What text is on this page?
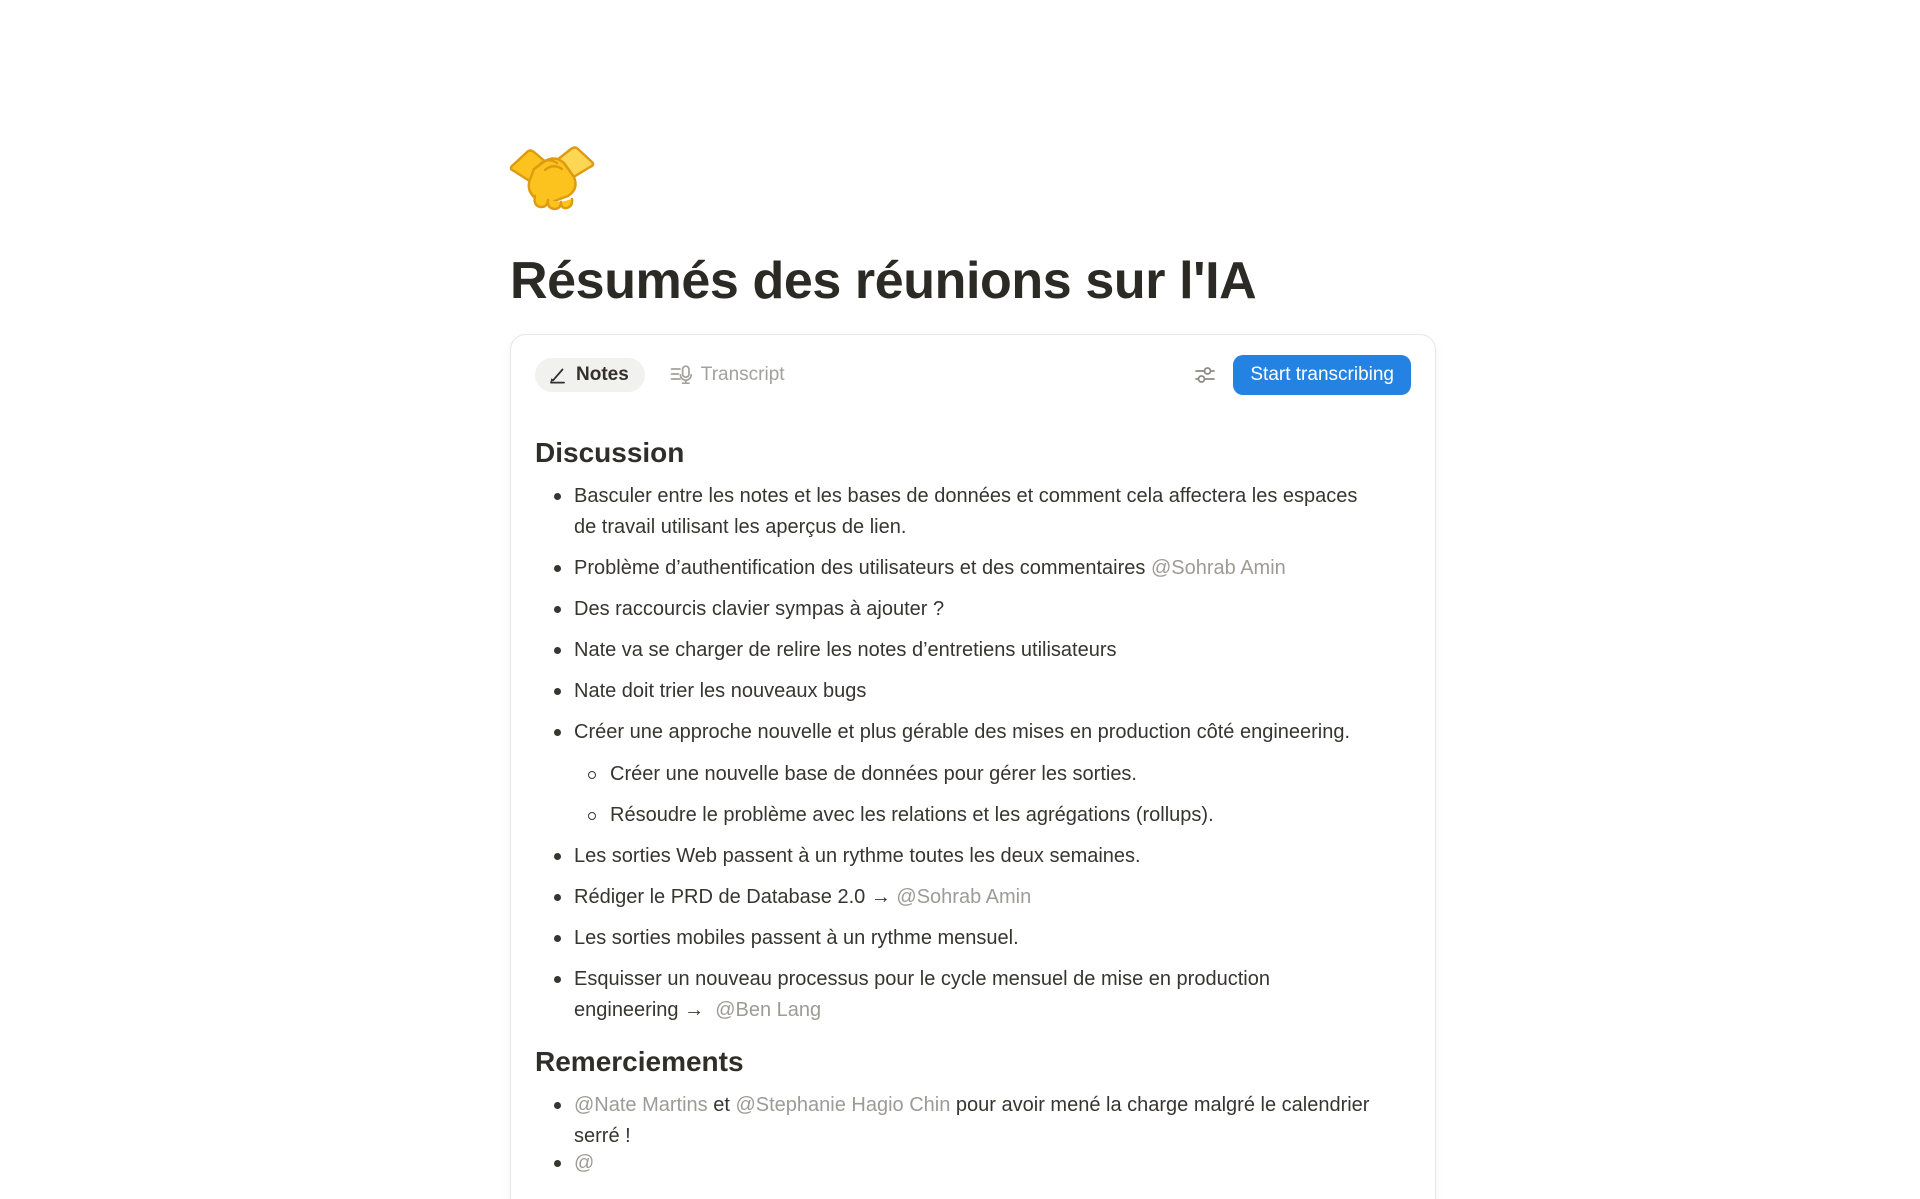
Résumés des réunions sur l'IA
Notes	Transcript	Start transcribing
Discussion
Basculer entre les notes et les bases de données et comment cela affectera les espaces de travail utilisant les aperçus de lien.
Problème d’authentification des utilisateurs et des commentaires @Sohrab Amin
Des raccourcis clavier sympas à ajouter ?
Nate va se charger de relire les notes d’entretiens utilisateurs
Nate doit trier les nouveaux bugs
Créer une approche nouvelle et plus gérable des mises en production côté engineering.
Créer une nouvelle base de données pour gérer les sorties.
Résoudre le problème avec les relations et les agrégations (rollups).
Les sorties Web passent à un rythme toutes les deux semaines.
Rédiger le PRD de Database 2.0 → @Sohrab Amin
Les sorties mobiles passent à un rythme mensuel.
Esquisser un nouveau processus pour le cycle mensuel de mise en production engineering →  @Ben Lang
Remerciements
@Nate Martins et @Stephanie Hagio Chin pour avoir mené la charge malgré le calendrier serré !
@
